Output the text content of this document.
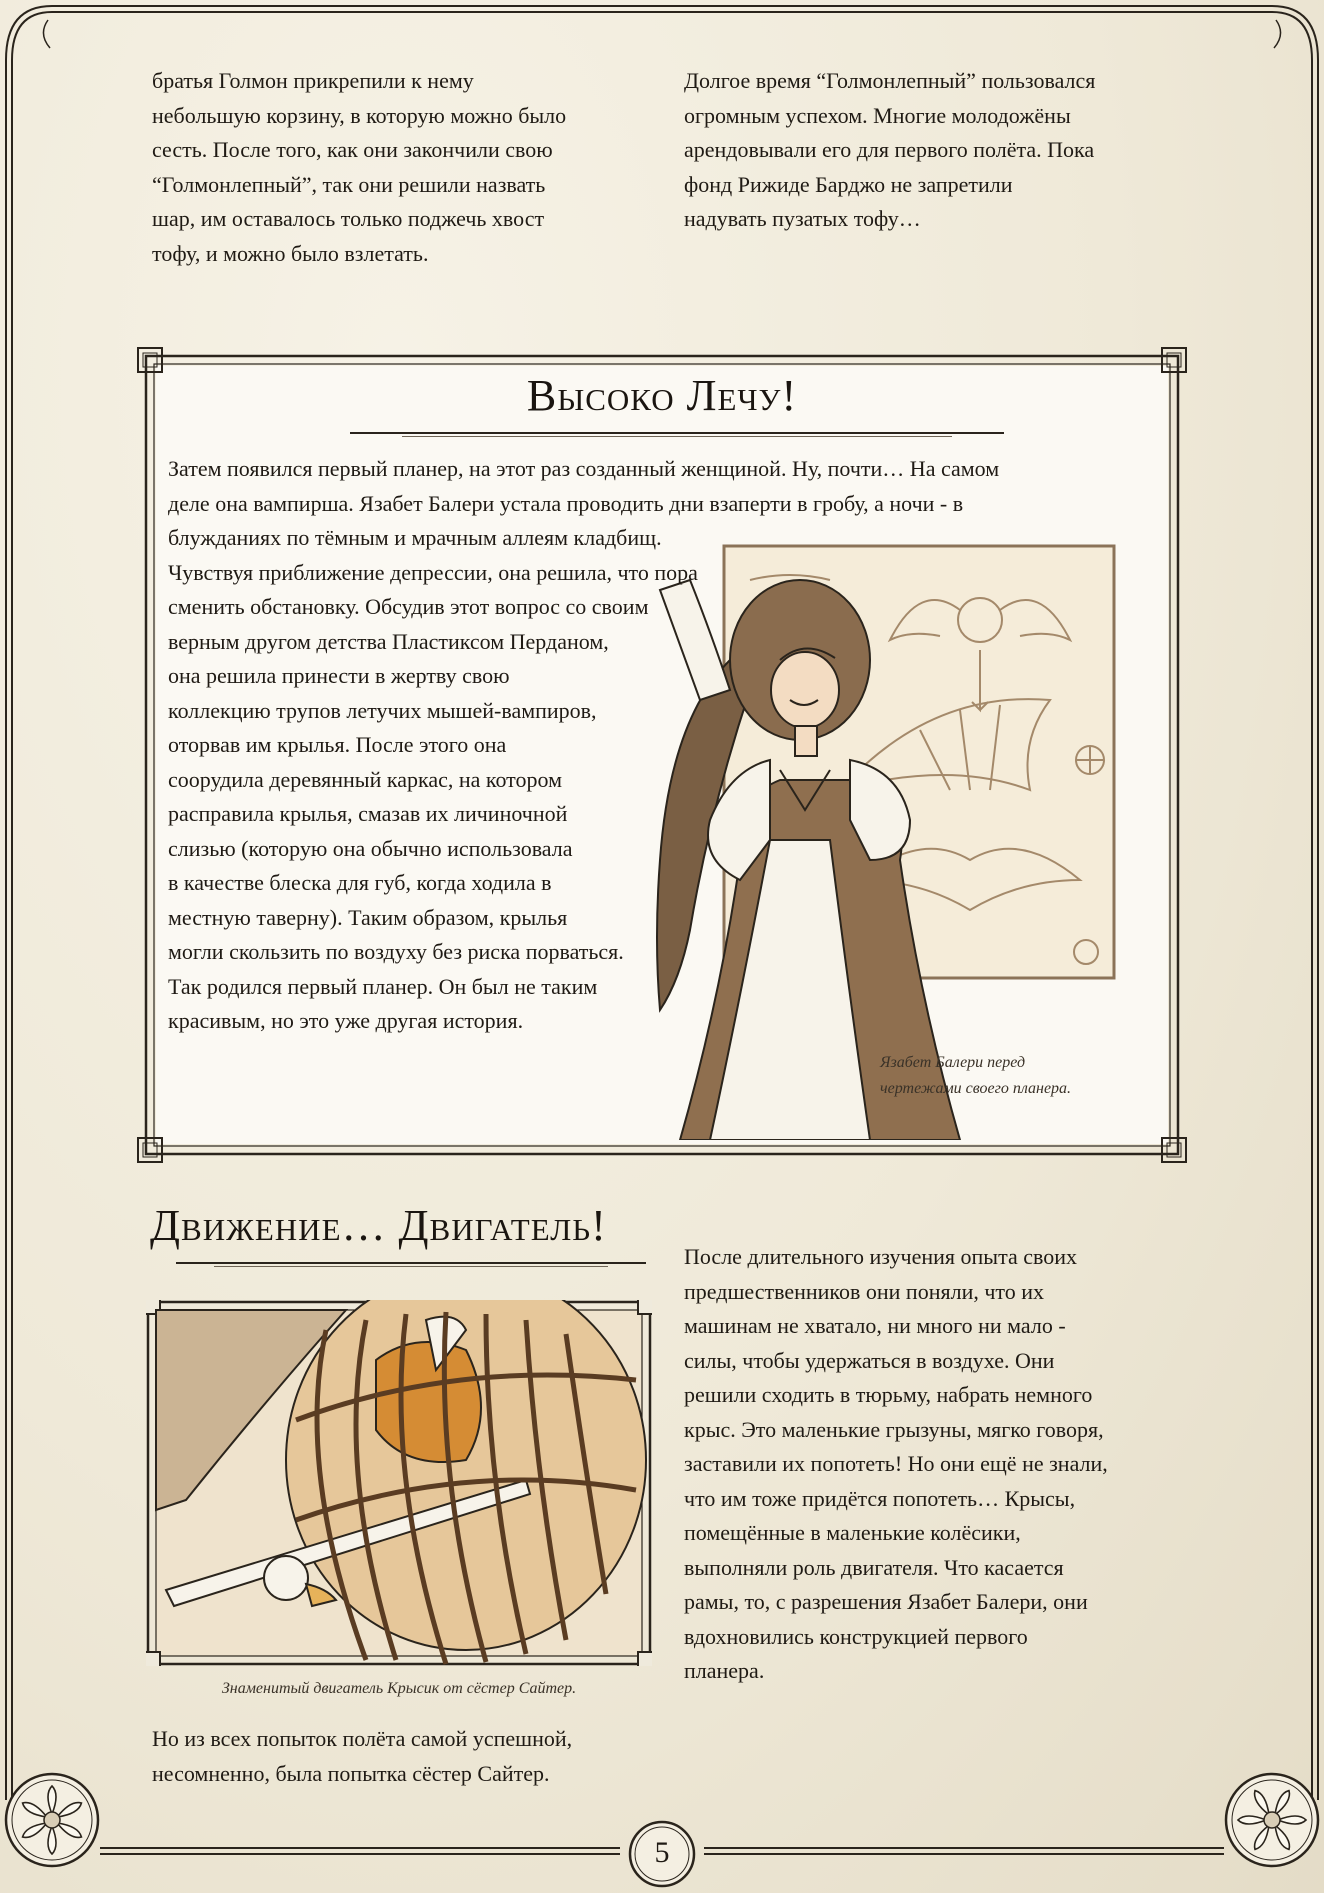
братья Голмон прикрепили к нему

небольшую корзину, в которую можно было

сесть. После того, как они закончили свою

“Голмонлепный”, так они решили назвать

шар, им оставалось только поджечь хвост

тофу, и можно было взлетать.

Долгое время “Голмонлепный” пользовался

огромным успехом. Многие молодожёны

арендовывали его для первого полёта. Пока

фонд Рижиде Барджо не запретили

надувать пузатых тофу…

Высоко Лечу!

Затем появился первый планер, на этот раз созданный женщиной. Ну, почти… На самом

деле она вампирша. Язабет Балери устала проводить дни взаперти в гробу, а ночи - в

блужданиях по тёмным и мрачным аллеям кладбищ.

Чувствуя приближение депрессии, она решила, что пора

сменить обстановку. Обсудив этот вопрос со своим

верным другом детства Пластиксом Перданом,

она решила принести в жертву свою

коллекцию трупов летучих мышей-вампиров,

оторвав им крылья. После этого она

соорудила деревянный каркас, на котором

расправила крылья, смазав их личиночной

слизью (которую она обычно использовала

в качестве блеска для губ, когда ходила в

местную таверну). Таким образом, крылья

могли скользить по воздуху без риска порваться.

Так родился первый планер. Он был не таким

красивым, но это уже другая история.

Язабет Балери перед
чертежами своего планера.
Движение… Двигатель!
Знаменитый двигатель Крысик от сёстер Сайтер.

После длительного изучения опыта своих

предшественников они поняли, что их

машинам не хватало, ни много ни мало -

силы, чтобы удержаться в воздухе. Они

решили сходить в тюрьму, набрать немного

крыс. Это маленькие грызуны, мягко говоря,

заставили их попотеть! Но они ещё не знали,

что им тоже придётся попотеть… Крысы,

помещённые в маленькие колёсики,

выполняли роль двигателя. Что касается

рамы, то, с разрешения Язабет Балери, они

вдохновились конструкцией первого

планера.

Но из всех попыток полёта самой успешной,

несомненно, была попытка сёстер Сайтер.

5
